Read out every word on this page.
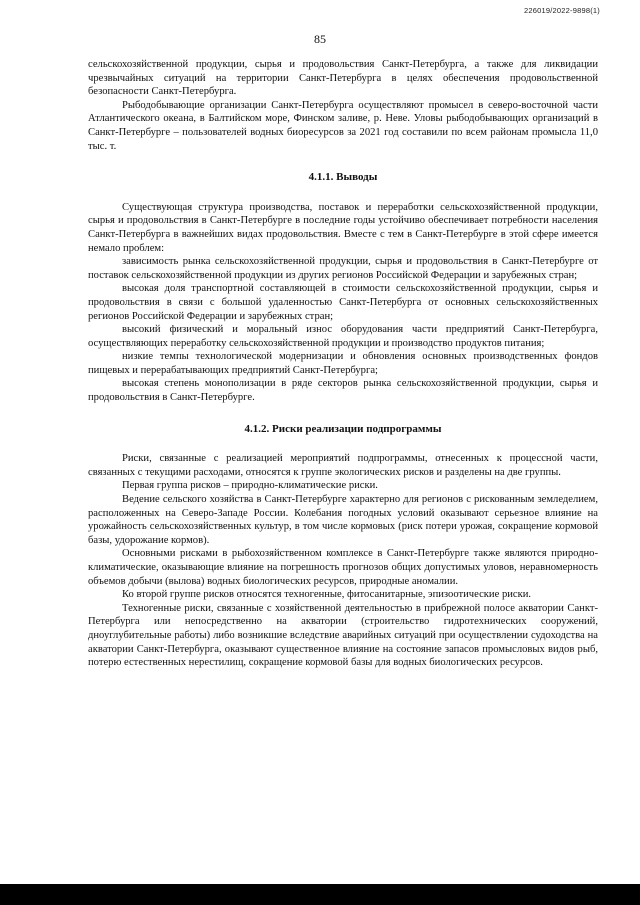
226019/2022-9898(1)
85

сельскохозяйственной продукции, сырья и продовольствия Санкт-Петербурга, а также для ликвидации чрезвычайных ситуаций на территории Санкт-Петербурга в целях обеспечения продовольственной безопасности Санкт-Петербурга.

Рыбодобывающие организации Санкт-Петербурга осуществляют промысел в северо-восточной части Атлантического океана, в Балтийском море, Финском заливе, р. Неве. Уловы рыбодобывающих организаций в Санкт-Петербурге – пользователей водных биоресурсов за 2021 год составили по всем районам промысла 11,0 тыс. т.

4.1.1. Выводы

Существующая структура производства, поставок и переработки сельскохозяйственной продукции, сырья и продовольствия в Санкт-Петербурге в последние годы устойчиво обеспечивает потребности населения Санкт-Петербурга в важнейших видах продовольствия. Вместе с тем в Санкт-Петербурге в этой сфере имеется немало проблем:

зависимость рынка сельскохозяйственной продукции, сырья и продовольствия в Санкт-Петербурге от поставок сельскохозяйственной продукции из других регионов Российской Федерации и зарубежных стран;

высокая доля транспортной составляющей в стоимости сельскохозяйственной продукции, сырья и продовольствия в связи с большой удаленностью Санкт-Петербурга от основных сельскохозяйственных регионов Российской Федерации и зарубежных стран;

высокий физический и моральный износ оборудования части предприятий Санкт-Петербурга, осуществляющих переработку сельскохозяйственной продукции и производство продуктов питания;

низкие темпы технологической модернизации и обновления основных производственных фондов пищевых и перерабатывающих предприятий Санкт-Петербурга;

высокая степень монополизации в ряде секторов рынка сельскохозяйственной продукции, сырья и продовольствия в Санкт-Петербурге.

4.1.2. Риски реализации подпрограммы

Риски, связанные с реализацией мероприятий подпрограммы, отнесенных к процессной части, связанных с текущими расходами, относятся к группе экологических рисков и разделены на две группы.

Первая группа рисков – природно-климатические риски.

Ведение сельского хозяйства в Санкт-Петербурге характерно для регионов с рискованным земледелием, расположенных на Северо-Западе России. Колебания погодных условий оказывают серьезное влияние на урожайность сельскохозяйственных культур, в том числе кормовых (риск потери урожая, сокращение кормовой базы, удорожание кормов).

Основными рисками в рыбохозяйственном комплексе в Санкт-Петербурге также являются природно-климатические, оказывающие влияние на погрешность прогнозов общих допустимых уловов, неравномерность объемов добычи (вылова) водных биологических ресурсов, природные аномалии.

Ко второй группе рисков относятся техногенные, фитосанитарные, эпизоотические риски.

Техногенные риски, связанные с хозяйственной деятельностью в прибрежной полосе акватории Санкт-Петербурга или непосредственно на акватории (строительство гидротехнических сооружений, дноуглубительные работы) либо возникшие вследствие аварийных ситуаций при осуществлении судоходства на акватории Санкт-Петербурга, оказывают существенное влияние на состояние запасов промысловых видов рыб, потерю естественных нерестилищ, сокращение кормовой базы для водных биологических ресурсов.
